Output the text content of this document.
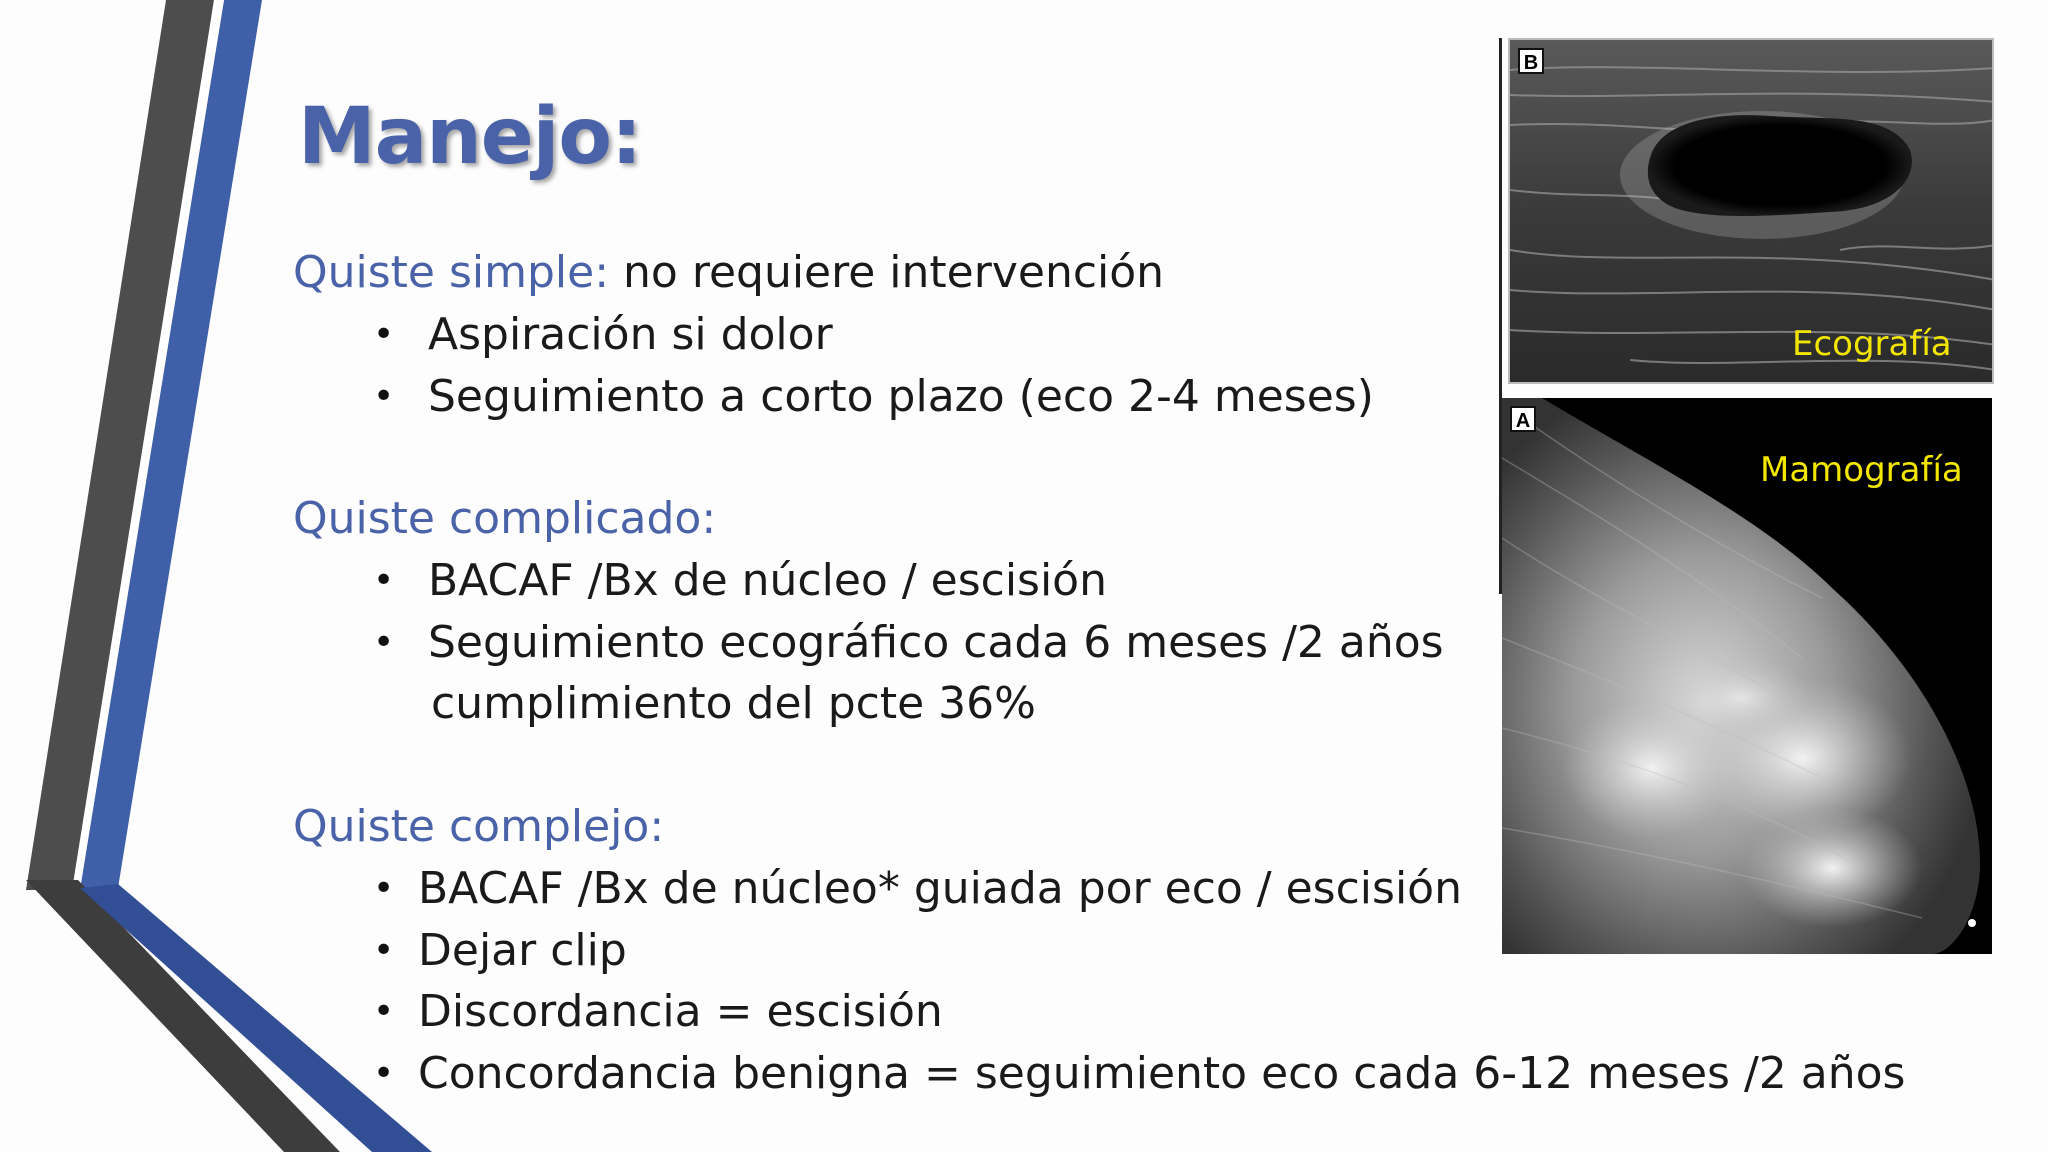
Manejo:
Quiste simple: no requiere intervención
• Aspiración si dolor
• Seguimiento a corto plazo (eco 2-4 meses)
Quiste complicado:
• BACAF /Bx de núcleo / escisión
• Seguimiento ecográfico cada 6 meses /2 años
cumplimiento del pcte 36%
Quiste complejo:
• BACAF /Bx de núcleo* guiada por eco / escisión
• Dejar clip
• Discordancia = escisión
• Concordancia benigna = seguimiento eco cada 6-12 meses /2 años
B
Ecografía
A
Mamografía
